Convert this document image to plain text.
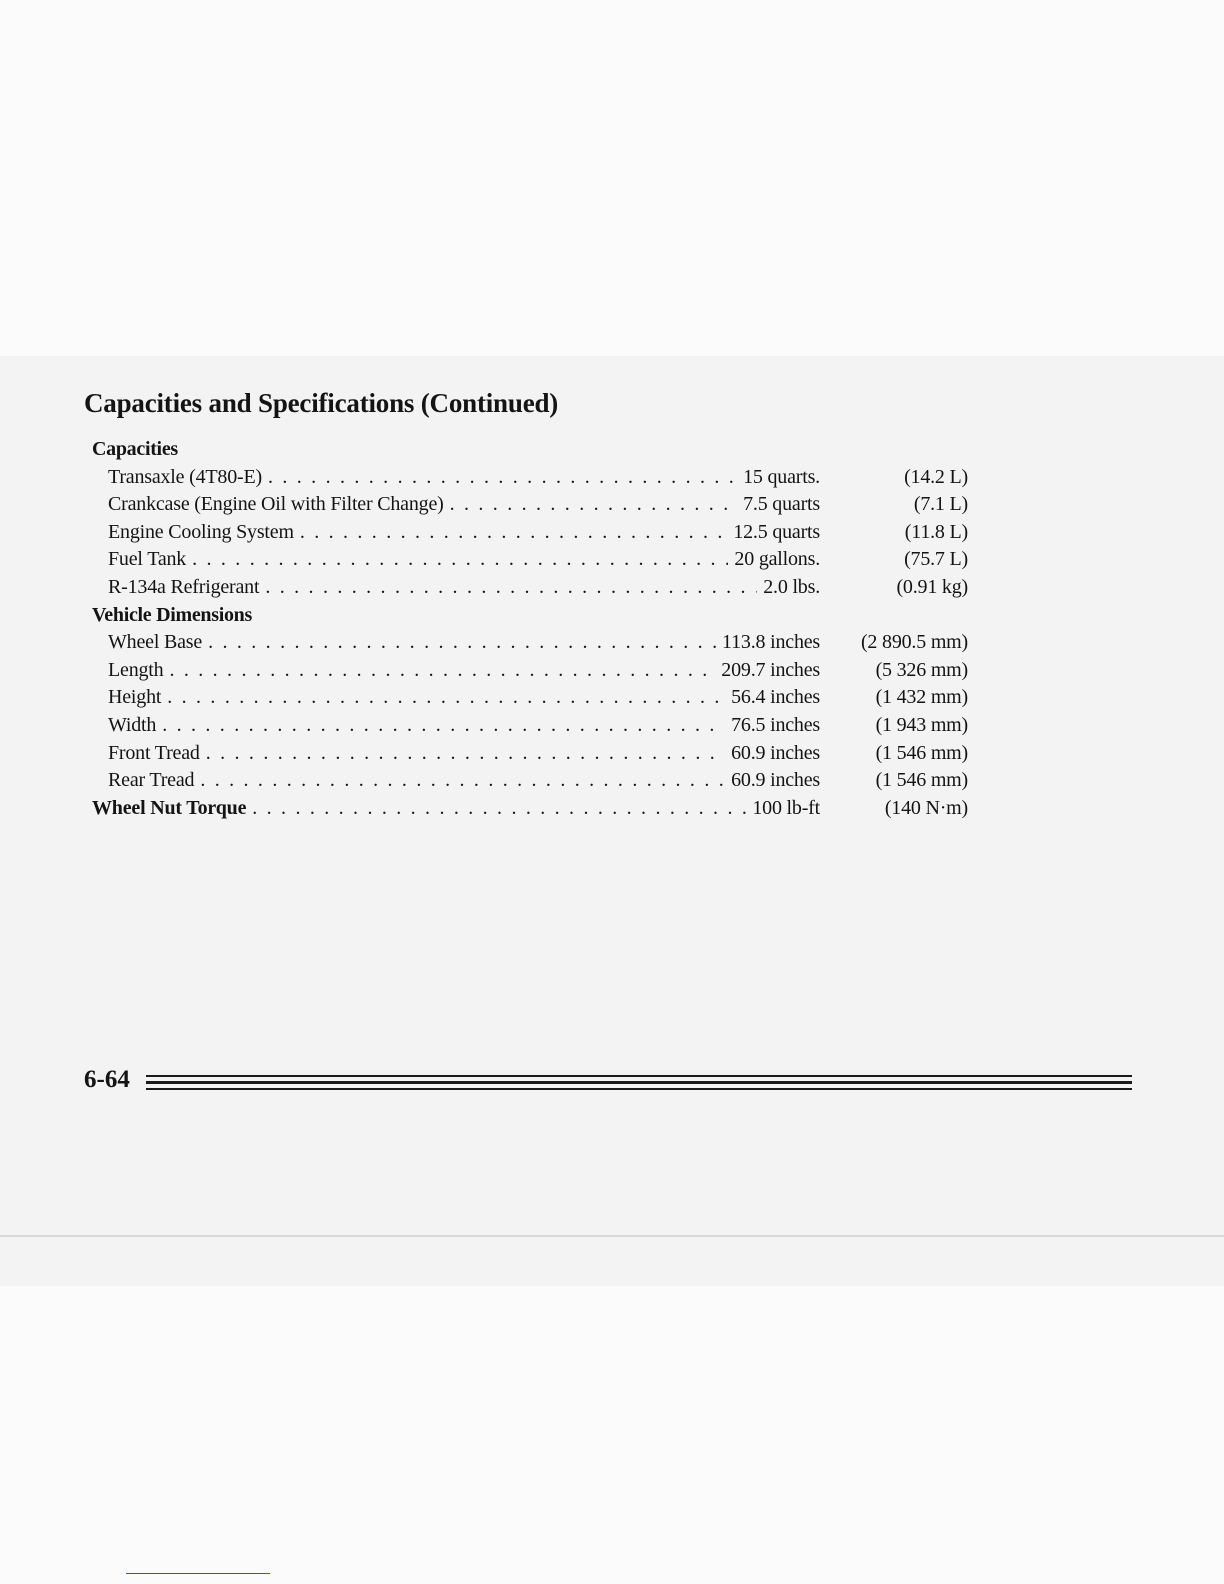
Capacities and Specifications (Continued)
Capacities
Transaxle (4T80-E) . . .	15 quarts.	(14.2 L)
Crankcase (Engine Oil with Filter Change) . . .	7.5 quarts	(7.1 L)
Engine Cooling System . . .	12.5 quarts	(11.8 L)
Fuel Tank . . .	20 gallons.	(75.7 L)
R-134a Refrigerant . . .	2.0 lbs.	(0.91 kg)
Vehicle Dimensions
Wheel Base . . .	113.8 inches (2 890.5 mm)
Length . . .	209.7 inches	(5 326 mm)
Height . . .	56.4 inches	(1 432 mm)
Width . . .	76.5 inches	(1 943 mm)
Front Tread . . .	60.9 inches	(1 546 mm)
Rear Tread . . .	60.9 inches	(1 546 mm)
Wheel Nut Torque . . .	100 lb-ft	(140 N·m)
6-64
